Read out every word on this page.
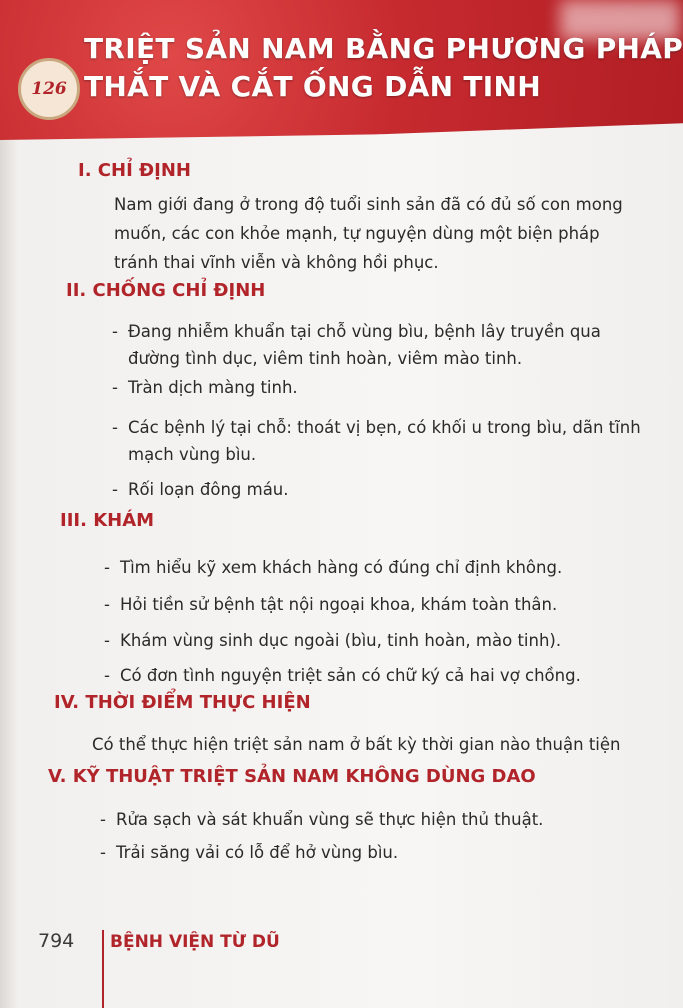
126
TRIỆT SẢN NAM BẰNG PHƯƠNG PHÁP
THẮT VÀ CẮT ỐNG DẪN TINH
I. CHỈ ĐỊNH
Nam giới đang ở trong độ tuổi sinh sản đã có đủ số con mong muốn, các con khỏe mạnh, tự nguyện dùng một biện pháp tránh thai vĩnh viễn và không hồi phục.
II. CHỐNG CHỈ ĐỊNH
- Đang nhiễm khuẩn tại chỗ vùng bìu, bệnh lây truyền qua đường tình dục, viêm tinh hoàn, viêm mào tinh.
- Tràn dịch màng tinh.
- Các bệnh lý tại chỗ: thoát vị bẹn, có khối u trong bìu, dãn tĩnh mạch vùng bìu.
- Rối loạn đông máu.
III. KHÁM
- Tìm hiểu kỹ xem khách hàng có đúng chỉ định không.
- Hỏi tiền sử bệnh tật nội ngoại khoa, khám toàn thân.
- Khám vùng sinh dục ngoài (bìu, tinh hoàn, mào tinh).
- Có đơn tình nguyện triệt sản có chữ ký cả hai vợ chồng.
IV. THỜI ĐIỂM THỰC HIỆN
Có thể thực hiện triệt sản nam ở bất kỳ thời gian nào thuận tiện
V. KỸ THUẬT TRIỆT SẢN NAM KHÔNG DÙNG DAO
- Rửa sạch và sát khuẩn vùng sẽ thực hiện thủ thuật.
- Trải săng vải có lỗ để hở vùng bìu.
794 BỆNH VIỆN TỪ DŨ
